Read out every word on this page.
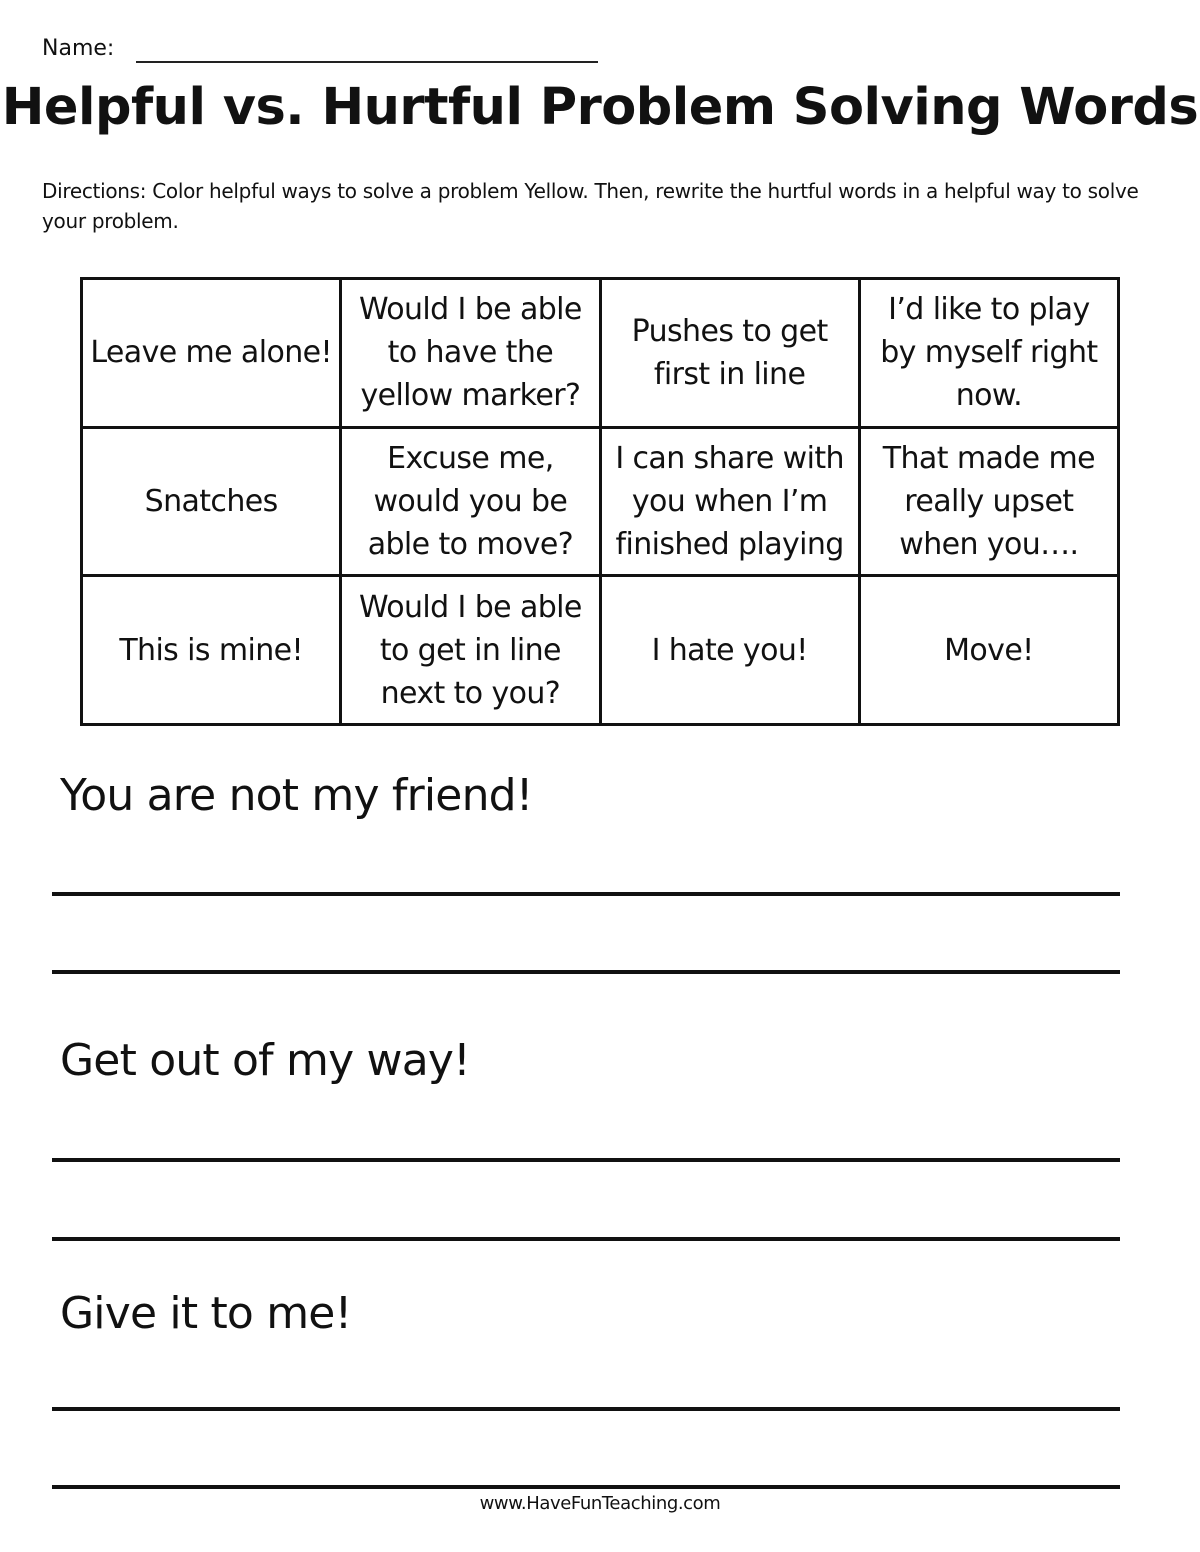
Name:
Helpful vs. Hurtful Problem Solving Words
Directions: Color helpful ways to solve a problem Yellow. Then, rewrite the hurtful words in a helpful way to solve your problem.
Leave me alone!	Would I be able to have the yellow marker?	Pushes to get first in line	I’d like to play by myself right now.
Snatches	Excuse me, would you be able to move?	I can share with you when I’m finished playing	That made me really upset when you….
This is mine!	Would I be able to get in line next to you?	I hate you!	Move!
You are not my friend!
Get out of my way!
Give it to me!
www.HaveFunTeaching.com
